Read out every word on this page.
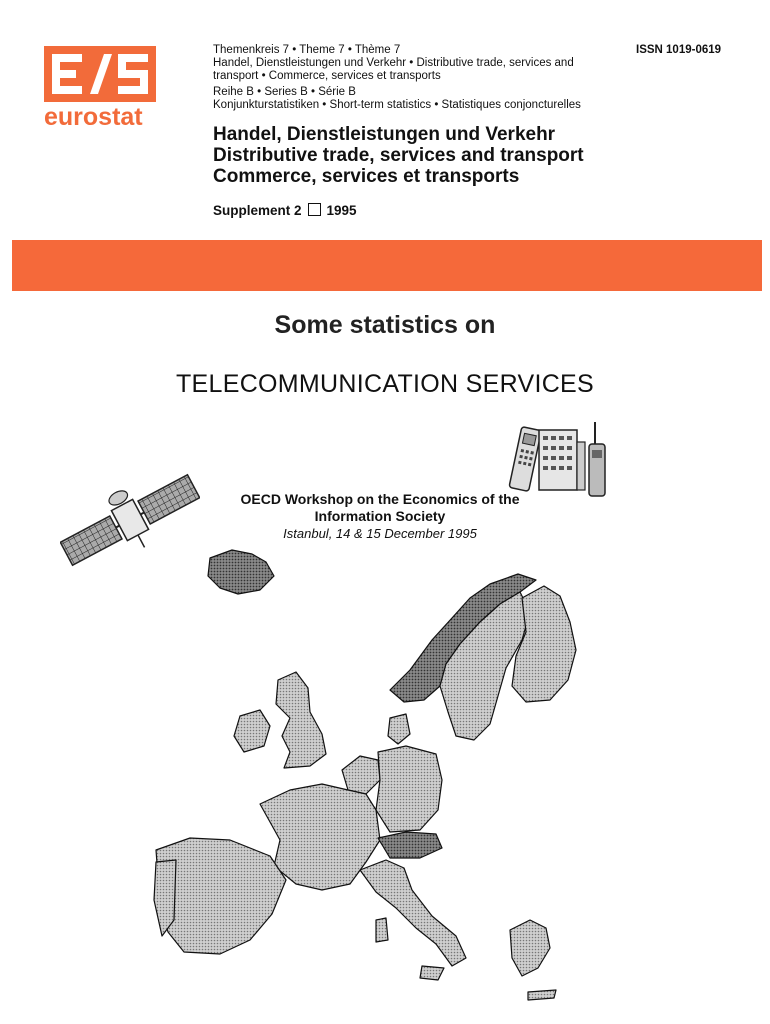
eurostat
Themenkreis 7 • Theme 7 • Thème 7
Handel, Dienstleistungen und Verkehr • Distributive trade, services and
transport • Commerce, services et transports
Reihe B • Series B • Série B
Konjunkturstatistiken • Short-term statistics • Statistiques conjoncturelles
ISSN 1019-0619
Handel, Dienstleistungen und Verkehr
Distributive trade, services and transport
Commerce, services et transports
Supplement 2 1995
Some statistics on
TELECOMMUNICATION SERVICES
OECD Workshop on the Economics of the
Information Society
Istanbul, 14 & 15 December 1995
